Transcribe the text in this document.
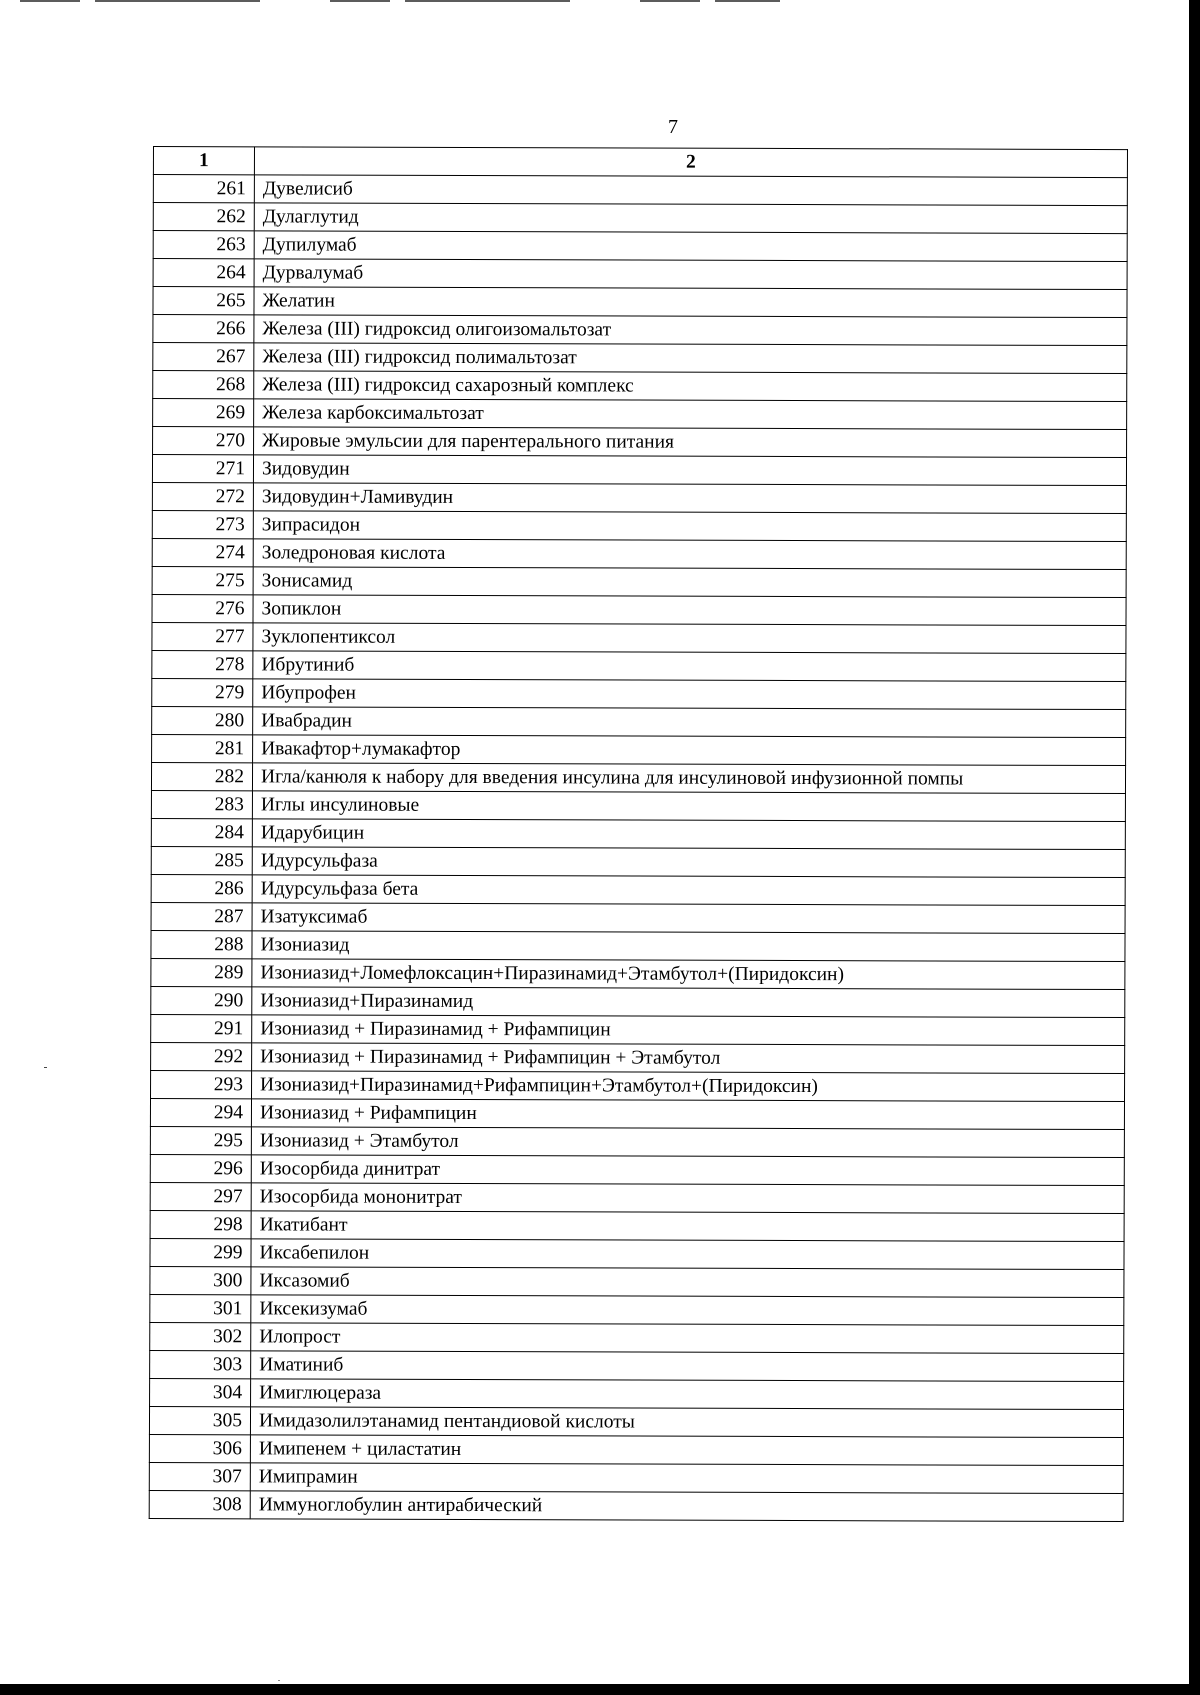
7
1	2
261	Дувелисиб
262	Дулаглутид
263	Дупилумаб
264	Дурвалумаб
265	Желатин
266	Железа (III) гидроксид олигоизомальтозат
267	Железа (III) гидроксид полимальтозат
268	Железа (III) гидроксид сахарозный комплекс
269	Железа карбоксимальтозат
270	Жировые эмульсии для парентерального питания
271	Зидовудин
272	Зидовудин+Ламивудин
273	Зипрасидон
274	Золедроновая кислота
275	Зонисамид
276	Зопиклон
277	Зуклопентиксол
278	Ибрутиниб
279	Ибупрофен
280	Ивабрадин
281	Ивакафтор+лумакафтор
282	Игла/канюля к набору для введения инсулина для инсулиновой инфузионной помпы
283	Иглы инсулиновые
284	Идарубицин
285	Идурсульфаза
286	Идурсульфаза бета
287	Изатуксимаб
288	Изониазид
289	Изониазид+Ломефлоксацин+Пиразинамид+Этамбутол+(Пиридоксин)
290	Изониазид+Пиразинамид
291	Изониазид + Пиразинамид + Рифампицин
292	Изониазид + Пиразинамид + Рифампицин + Этамбутол
293	Изониазид+Пиразинамид+Рифампицин+Этамбутол+(Пиридоксин)
294	Изониазид + Рифампицин
295	Изониазид + Этамбутол
296	Изосорбида динитрат
297	Изосорбида мононитрат
298	Икатибант
299	Иксабепилон
300	Иксазомиб
301	Иксекизумаб
302	Илопрост
303	Иматиниб
304	Имиглюцераза
305	Имидазолилэтанамид пентандиовой кислоты
306	Имипенем + циластатин
307	Имипрамин
308	Иммуноглобулин антирабический
